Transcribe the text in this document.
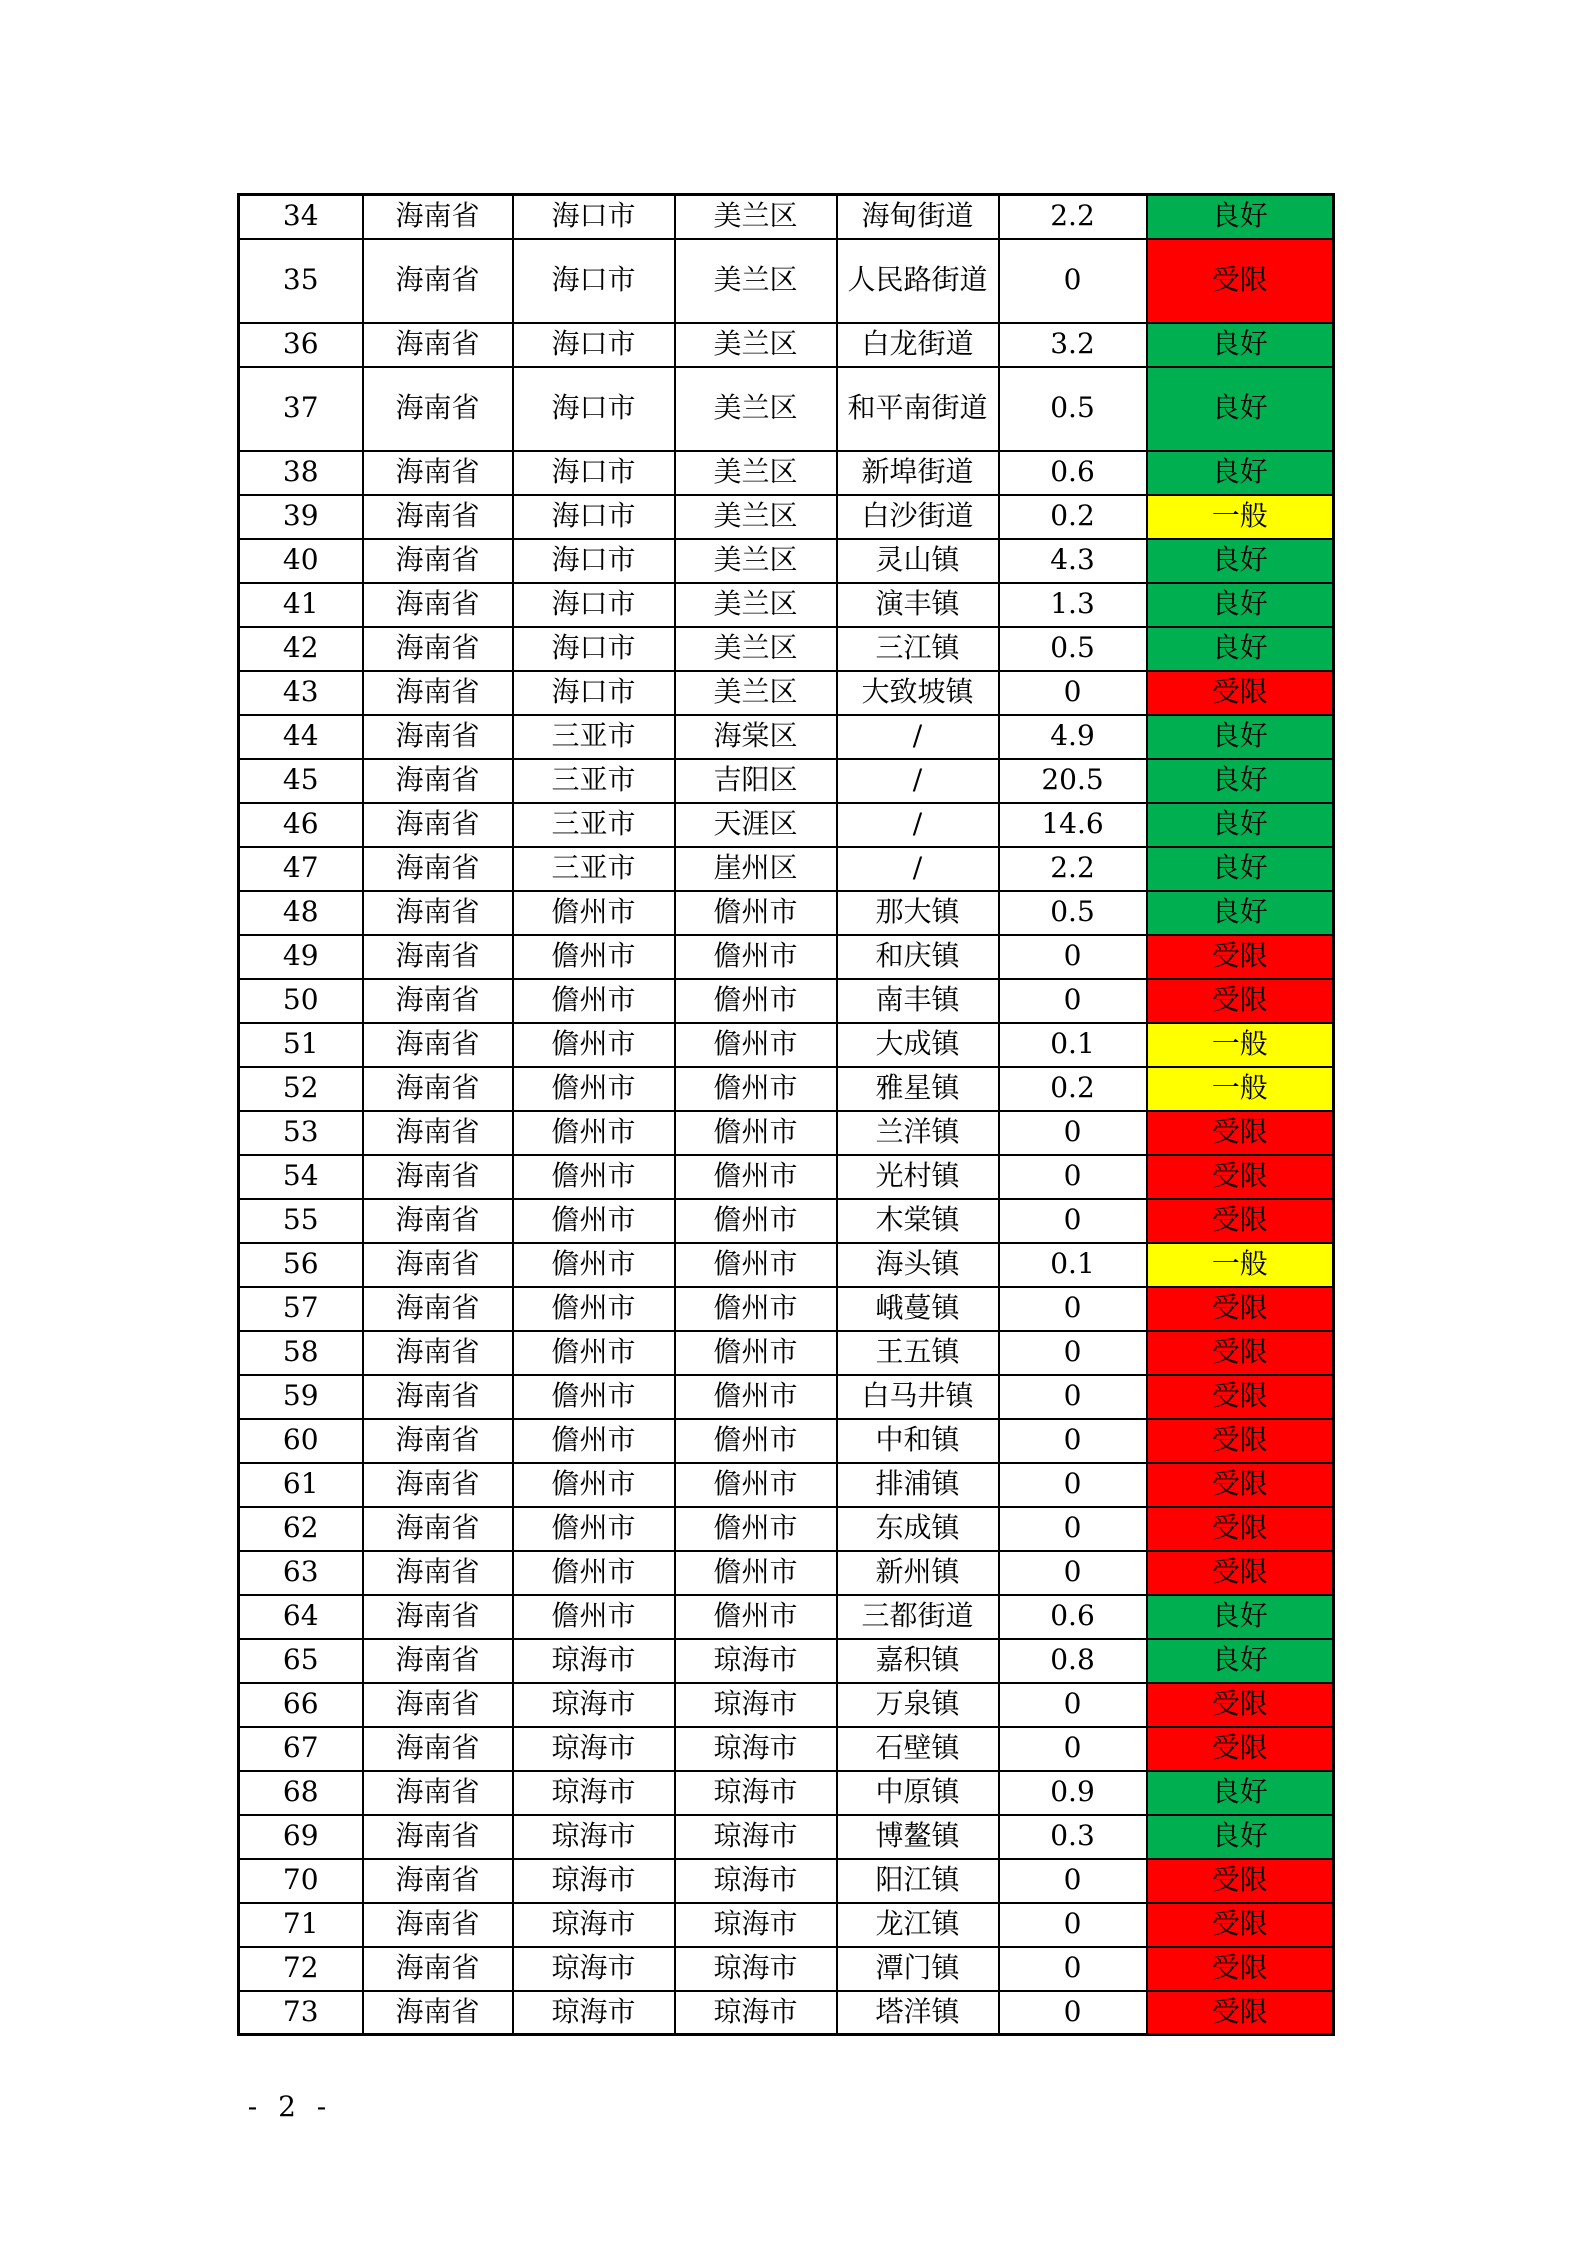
34	海南省	海口市	美兰区	海甸街道	2.2	良好
35	海南省	海口市	美兰区	人民路街道	0	受限
36	海南省	海口市	美兰区	白龙街道	3.2	良好
37	海南省	海口市	美兰区	和平南街道	0.5	良好
38	海南省	海口市	美兰区	新埠街道	0.6	良好
39	海南省	海口市	美兰区	白沙街道	0.2	一般
40	海南省	海口市	美兰区	灵山镇	4.3	良好
41	海南省	海口市	美兰区	演丰镇	1.3	良好
42	海南省	海口市	美兰区	三江镇	0.5	良好
43	海南省	海口市	美兰区	大致坡镇	0	受限
44	海南省	三亚市	海棠区	/	4.9	良好
45	海南省	三亚市	吉阳区	/	20.5	良好
46	海南省	三亚市	天涯区	/	14.6	良好
47	海南省	三亚市	崖州区	/	2.2	良好
48	海南省	儋州市	儋州市	那大镇	0.5	良好
49	海南省	儋州市	儋州市	和庆镇	0	受限
50	海南省	儋州市	儋州市	南丰镇	0	受限
51	海南省	儋州市	儋州市	大成镇	0.1	一般
52	海南省	儋州市	儋州市	雅星镇	0.2	一般
53	海南省	儋州市	儋州市	兰洋镇	0	受限
54	海南省	儋州市	儋州市	光村镇	0	受限
55	海南省	儋州市	儋州市	木棠镇	0	受限
56	海南省	儋州市	儋州市	海头镇	0.1	一般
57	海南省	儋州市	儋州市	峨蔓镇	0	受限
58	海南省	儋州市	儋州市	王五镇	0	受限
59	海南省	儋州市	儋州市	白马井镇	0	受限
60	海南省	儋州市	儋州市	中和镇	0	受限
61	海南省	儋州市	儋州市	排浦镇	0	受限
62	海南省	儋州市	儋州市	东成镇	0	受限
63	海南省	儋州市	儋州市	新州镇	0	受限
64	海南省	儋州市	儋州市	三都街道	0.6	良好
65	海南省	琼海市	琼海市	嘉积镇	0.8	良好
66	海南省	琼海市	琼海市	万泉镇	0	受限
67	海南省	琼海市	琼海市	石壁镇	0	受限
68	海南省	琼海市	琼海市	中原镇	0.9	良好
69	海南省	琼海市	琼海市	博鳌镇	0.3	良好
70	海南省	琼海市	琼海市	阳江镇	0	受限
71	海南省	琼海市	琼海市	龙江镇	0	受限
72	海南省	琼海市	琼海市	潭门镇	0	受限
73	海南省	琼海市	琼海市	塔洋镇	0	受限
- 2 -
